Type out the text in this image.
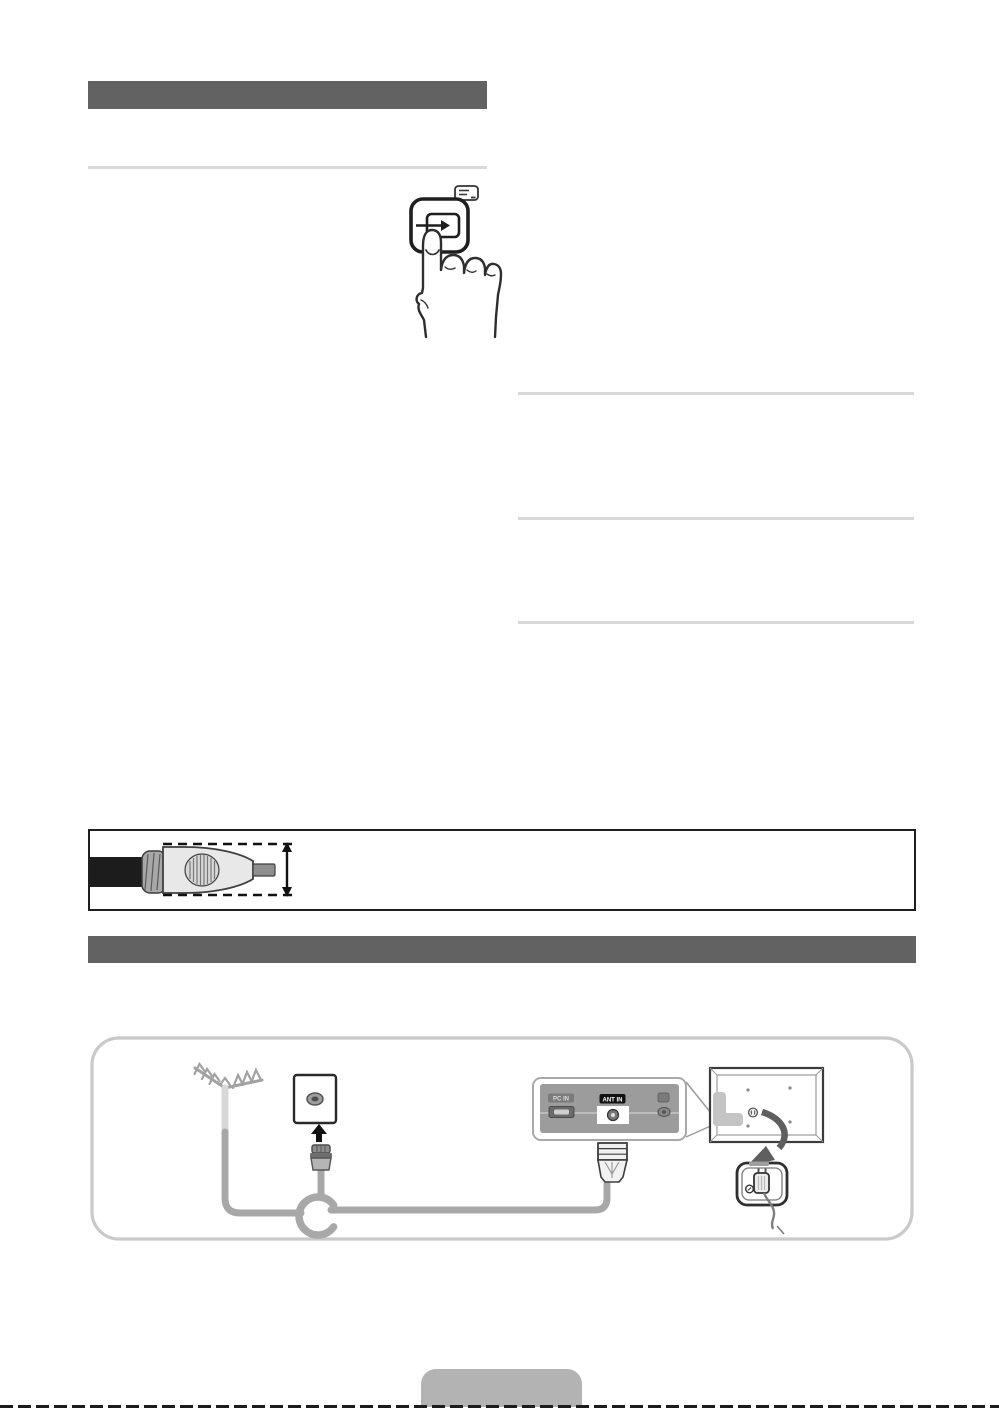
PC IN	ANT IN
